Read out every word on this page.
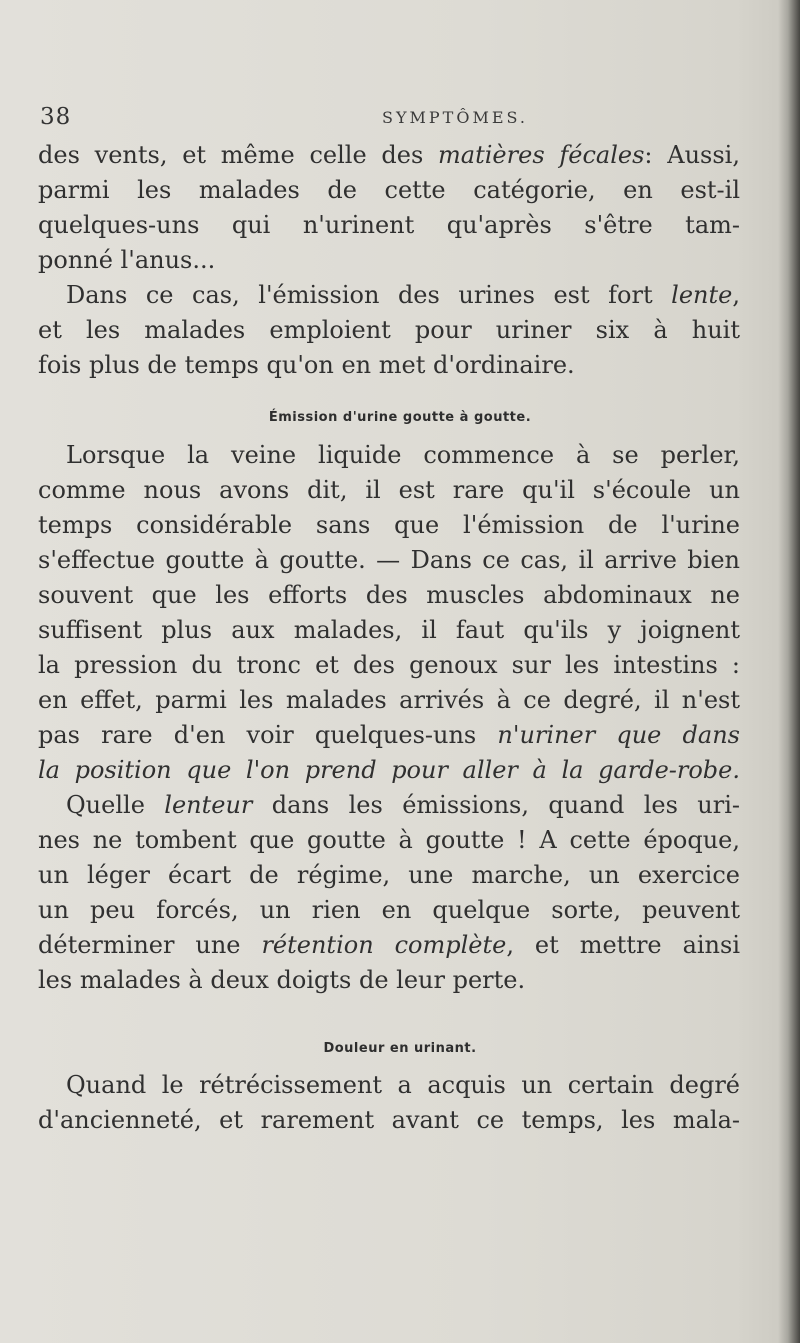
38	SYMPTÔMES.
des vents, et même celle des matières fécales: Aussi,
parmi les malades de cette catégorie, en est-il
quelques-uns qui n'urinent qu'après s'être tam-
ponné l'anus...
Dans ce cas, l'émission des urines est fort lente,
et les malades emploient pour uriner six à huit
fois plus de temps qu'on en met d'ordinaire.
Émission d'urine goutte à goutte.
Lorsque la veine liquide commence à se perler,
comme nous avons dit, il est rare qu'il s'écoule un
temps considérable sans que l'émission de l'urine
s'effectue goutte à goutte. — Dans ce cas, il arrive bien
souvent que les efforts des muscles abdominaux ne
suffisent plus aux malades, il faut qu'ils y joignent
la pression du tronc et des genoux sur les intestins :
en effet, parmi les malades arrivés à ce degré, il n'est
pas rare d'en voir quelques-uns n'uriner que dans
la position que l'on prend pour aller à la garde-robe.
Quelle lenteur dans les émissions, quand les uri-
nes ne tombent que goutte à goutte ! A cette époque,
un léger écart de régime, une marche, un exercice
un peu forcés, un rien en quelque sorte, peuvent
déterminer une rétention complète, et mettre ainsi
les malades à deux doigts de leur perte.
Douleur en urinant.
Quand le rétrécissement a acquis un certain degré
d'ancienneté, et rarement avant ce temps, les mala-
